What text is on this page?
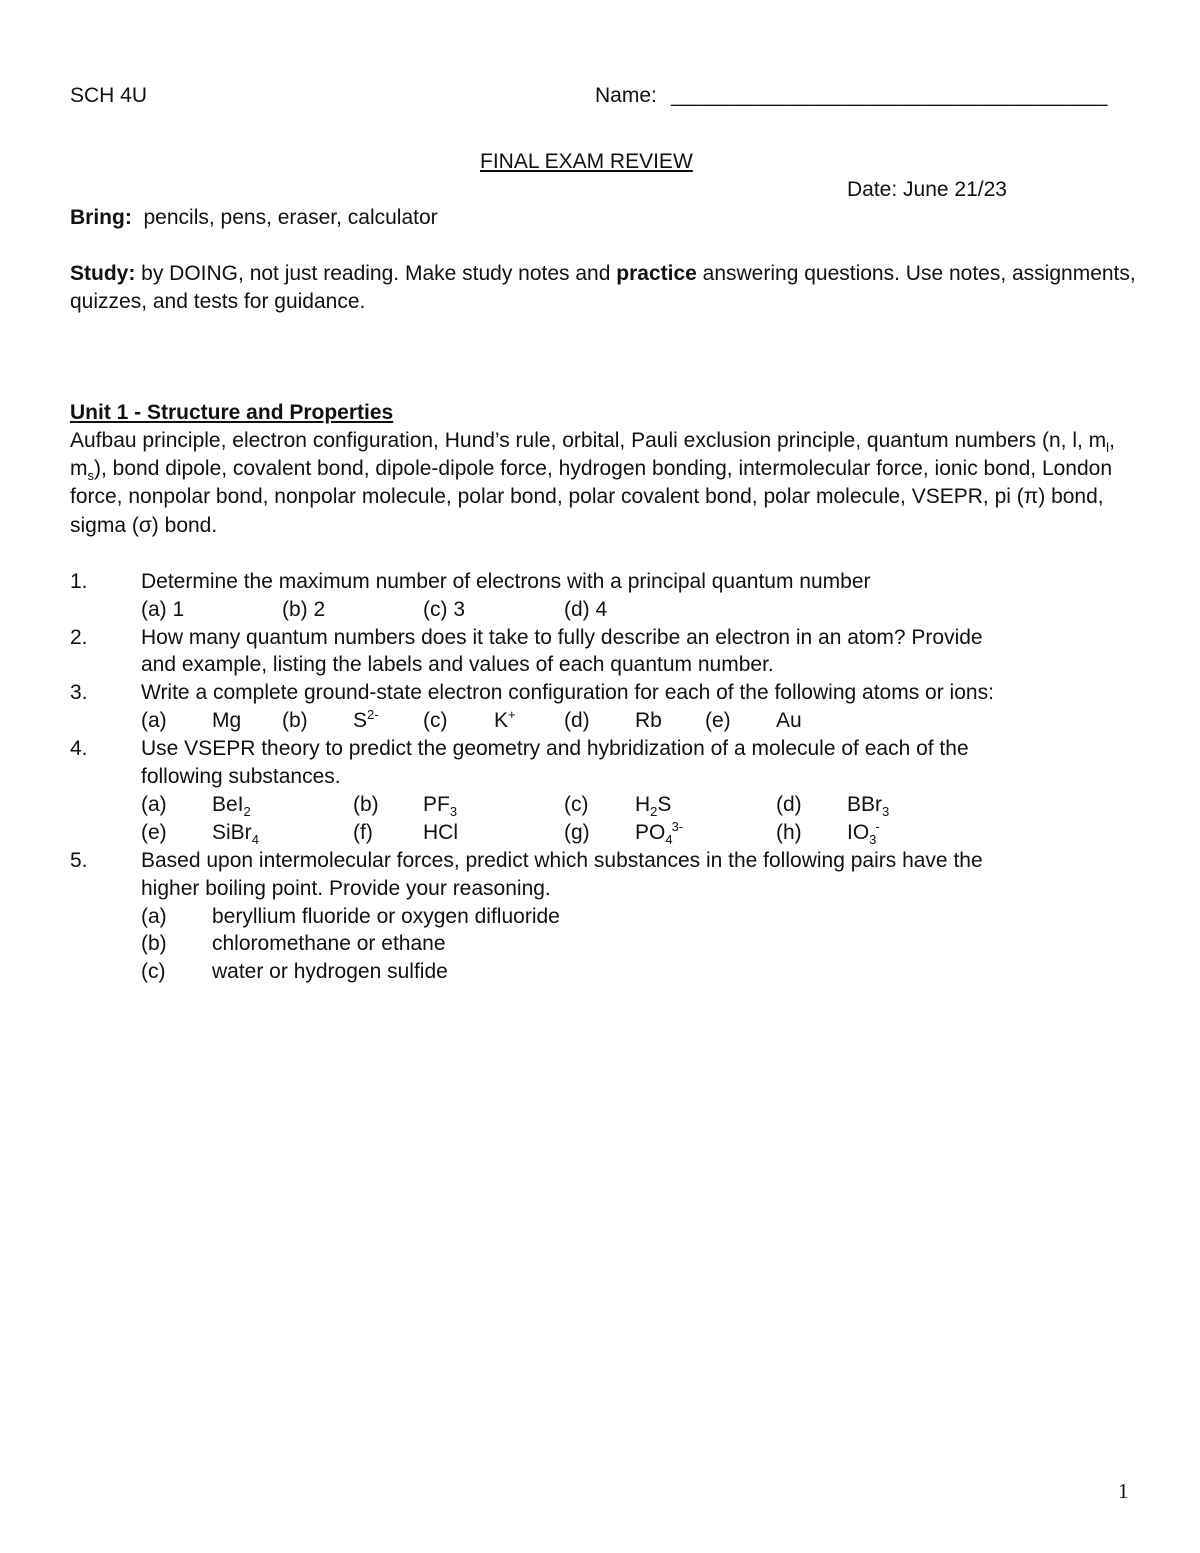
SCH 4U	Name: _______________________________________
FINAL EXAM REVIEW
Date: June 21/23
Bring: pencils, pens, eraser, calculator
Study: by DOING, not just reading. Make study notes and practice answering questions. Use notes, assignments, quizzes, and tests for guidance.
Unit 1 - Structure and Properties
Aufbau principle, electron configuration, Hund’s rule, orbital, Pauli exclusion principle, quantum numbers (n, l, $m_l$, $m_s$), bond dipole, covalent bond, dipole-dipole force, hydrogen bonding, intermolecular force, ionic bond, London force, nonpolar bond, nonpolar molecule, polar bond, polar covalent bond, polar molecule, VSEPR, pi (π) bond, sigma (σ) bond.
1.	Determine the maximum number of electrons with a principal quantum number
(a) 1	(b) 2	(c) 3	(d) 4
2.	How many quantum numbers does it take to fully describe an electron in an atom? Provide
and example, listing the labels and values of each quantum number.
3.	Write a complete ground-state electron configuration for each of the following atoms or ions:
(a) Mg (b) $S^{2-}$ (c) K+ (d) Rb (e) Au
4.	Use VSEPR theory to predict the geometry and hybridization of a molecule of each of the
following substances.
(a) BeI$_2$	(b) $PF_3$	(c) $H_2S$	(d) BBr$_3$
(e) SiBr$_4$	(f) HCl	(g) $PO_4^{3-}$	(h) $IO_3^-$
5.	Based upon intermolecular forces, predict which substances in the following pairs have the
higher boiling point. Provide your reasoning.
(a) beryllium fluoride or oxygen difluoride
(b) chloromethane or ethane
(c) water or hydrogen sulfide
1
